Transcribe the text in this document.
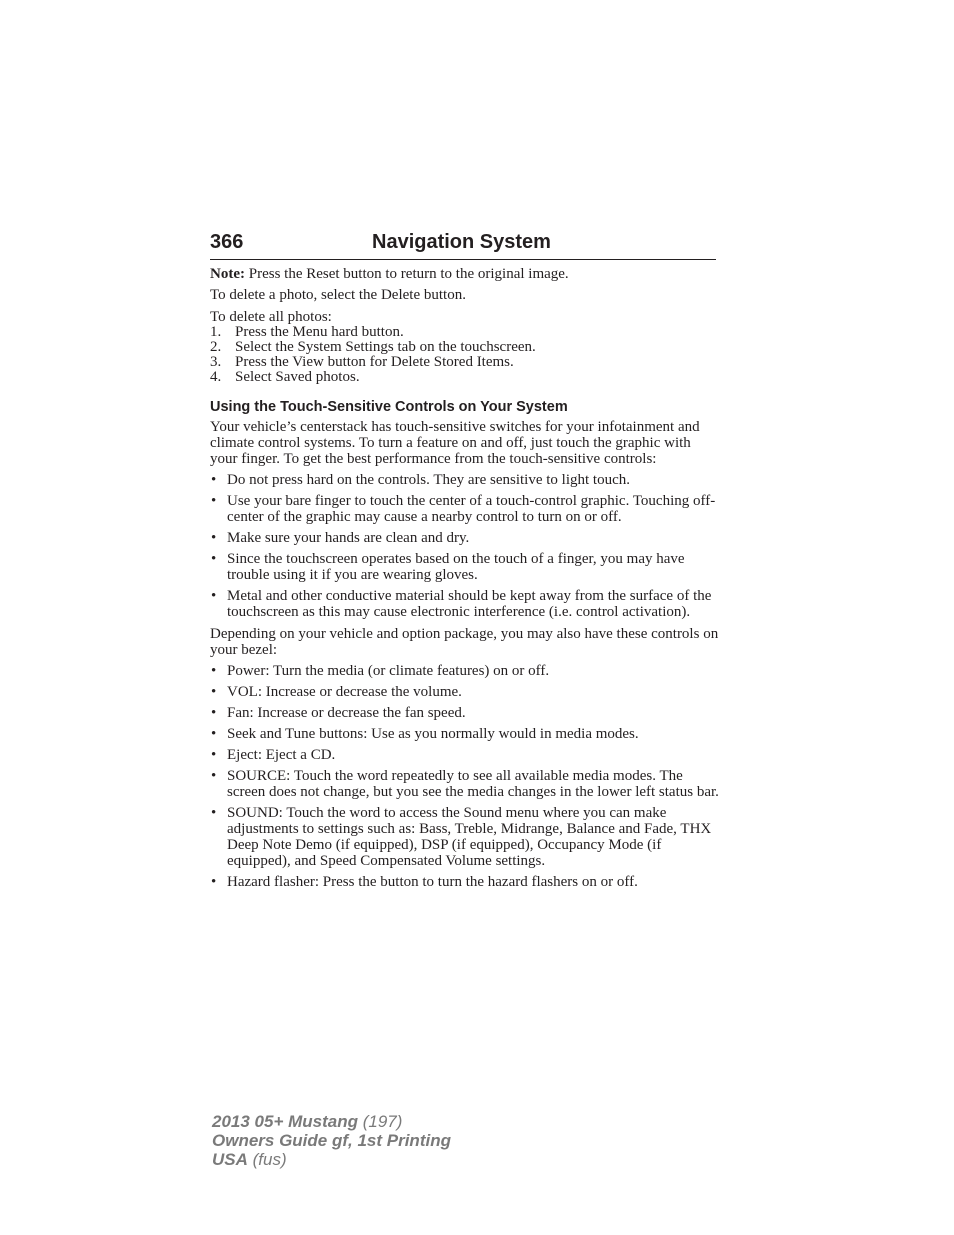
366	Navigation System

Note: Press the Reset button to return to the original image.

To delete a photo, select the Delete button.

To delete all photos:

1. Press the Menu hard button.
2. Select the System Settings tab on the touchscreen.
3. Press the View button for Delete Stored Items.
4. Select Saved photos.
Using the Touch-Sensitive Controls on Your System

Your vehicle’s centerstack has touch-sensitive switches for your infotainment and climate control systems. To turn a feature on and off, just touch the graphic with your finger. To get the best performance from the touch-sensitive controls:

• Do not press hard on the controls. They are sensitive to light touch.
• Use your bare finger to touch the center of a touch-control graphic. Touching off-center of the graphic may cause a nearby control to turn on or off.
• Make sure your hands are clean and dry.
• Since the touchscreen operates based on the touch of a finger, you may have trouble using it if you are wearing gloves.
• Metal and other conductive material should be kept away from the surface of the touchscreen as this may cause electronic interference (i.e. control activation).

Depending on your vehicle and option package, you may also have these controls on your bezel:

• Power: Turn the media (or climate features) on or off.
• VOL: Increase or decrease the volume.
• Fan: Increase or decrease the fan speed.
• Seek and Tune buttons: Use as you normally would in media modes.
• Eject: Eject a CD.
• SOURCE: Touch the word repeatedly to see all available media modes. The screen does not change, but you see the media changes in the lower left status bar.
• SOUND: Touch the word to access the Sound menu where you can make adjustments to settings such as: Bass, Treble, Midrange, Balance and Fade, THX Deep Note Demo (if equipped), DSP (if equipped), Occupancy Mode (if equipped), and Speed Compensated Volume settings.
• Hazard flasher: Press the button to turn the hazard flashers on or off.
2013 05+ Mustang (197)
Owners Guide gf, 1st Printing
USA (fus)
